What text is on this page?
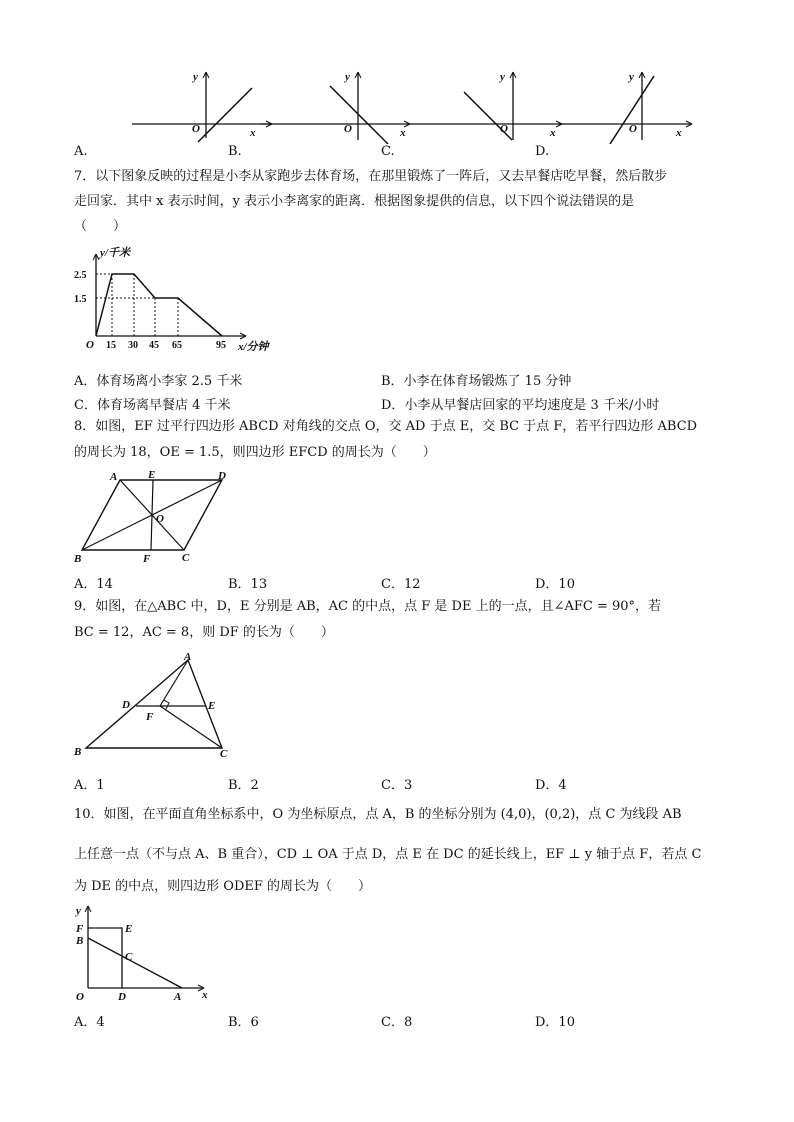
y
x
O
y
x
O
y
x
O
y
x
O
A.	B.	C.	D.
7．以下图象反映的过程是小李从家跑步去体育场，在那里锻炼了一阵后，又去早餐店吃早餐，然后散步
走回家．其中 x 表示时间，y 表示小李离家的距离．根据图象提供的信息，以下四个说法错误的是
（　　）
y/千米
x/分钟
O
2.5
1.5
15 30 45 65	95
A．体育场离小李家 2.5 千米	B．小李在体育场锻炼了 15 分钟
C．体育场离早餐店 4 千米	D．小李从早餐店回家的平均速度是 3 千米/小时
8．如图，EF 过平行四边形 ABCD 对角线的交点 O，交 AD 于点 E，交 BC 于点 F，若平行四边形 ABCD
的周长为 18，OE = 1.5，则四边形 EFCD 的周长为（　　）
A	E	D
O
B	F	C
A．14	B．13	C．12	D．10
9．如图，在△ABC 中，D，E 分别是 AB，AC 的中点，点 F 是 DE 上的一点，且∠AFC = 90°，若
BC = 12，AC = 8，则 DF 的长为（　　）
A
D	E
F
B	C
A．1	B．2	C．3	D．4
10．如图，在平面直角坐标系中，O 为坐标原点，点 A，B 的坐标分别为 (4,0)，(0,2)，点 C 为线段 AB
上任意一点（不与点 A、B 重合），CD ⊥ OA 于点 D，点 E 在 DC 的延长线上，EF ⊥ y 轴于点 F，若点 C
为 DE 的中点，则四边形 ODEF 的周长为（　　）
y
F
B
E
C
O	D	A x
A．4	B．6	C．8	D．10
